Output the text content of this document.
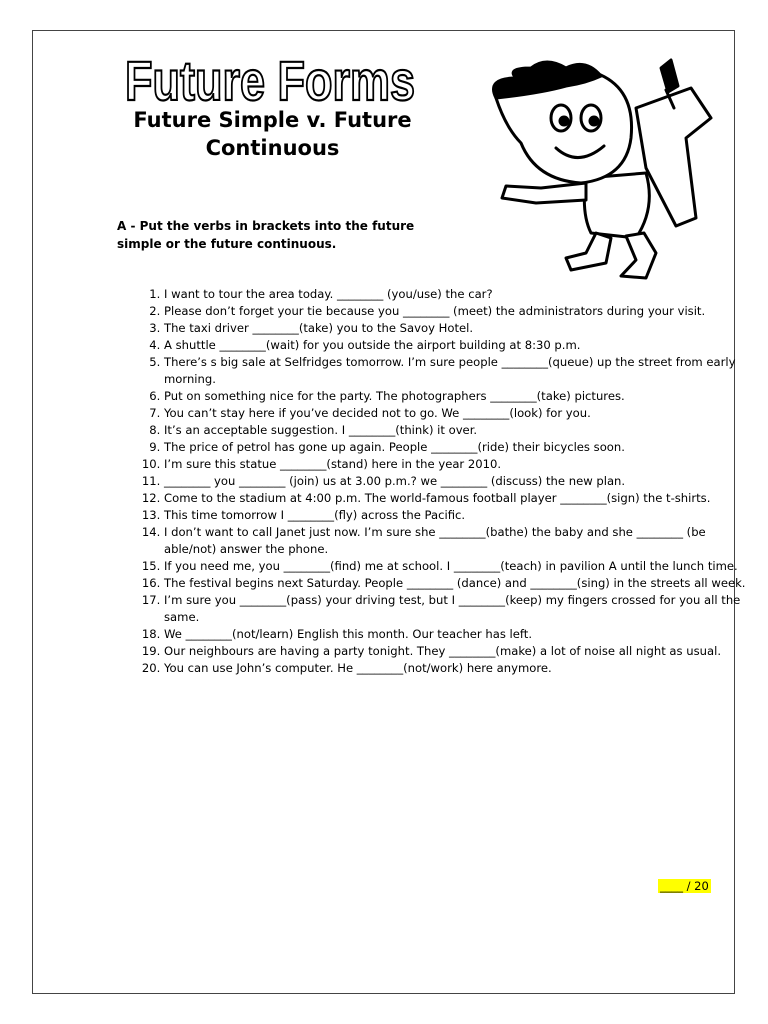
Future Forms
Future Simple v. Future Continuous
A - Put the verbs in brackets into the future simple or the future continuous.
1. I want to tour the area today. ________ (you/use) the car?
2. Please don’t forget your tie because you ________ (meet) the administrators during your visit.
3. The taxi driver ________(take) you to the Savoy Hotel.
4. A shuttle ________(wait) for you outside the airport building at 8:30 p.m.
5. There’s s big sale at Selfridges tomorrow. I’m sure people ________(queue) up the street from early morning.
6. Put on something nice for the party. The photographers ________(take) pictures.
7. You can’t stay here if you’ve decided not to go. We ________(look) for you.
8. It’s an acceptable suggestion. I ________(think) it over.
9. The price of petrol has gone up again. People ________(ride) their bicycles soon.
10. I’m sure this statue ________(stand) here in the year 2010.
11. ________ you ________ (join) us at 3.00 p.m.? we ________ (discuss) the new plan.
12. Come to the stadium at 4:00 p.m. The world-famous football player ________(sign) the t-shirts.
13. This time tomorrow I ________(fly) across the Pacific.
14. I don’t want to call Janet just now. I’m sure she ________(bathe) the baby and she ________ (be able/not) answer the phone.
15. If you need me, you ________(find) me at school. I ________(teach) in pavilion A until the lunch time.
16. The festival begins next Saturday. People ________ (dance) and ________(sing) in the streets all week.
17. I’m sure you ________(pass) your driving test, but I ________(keep) my fingers crossed for you all the same.
18. We ________(not/learn) English this month. Our teacher has left.
19. Our neighbours are having a party tonight. They ________(make) a lot of noise all night as usual.
20. You can use John’s computer. He ________(not/work) here anymore.
____ / 20
